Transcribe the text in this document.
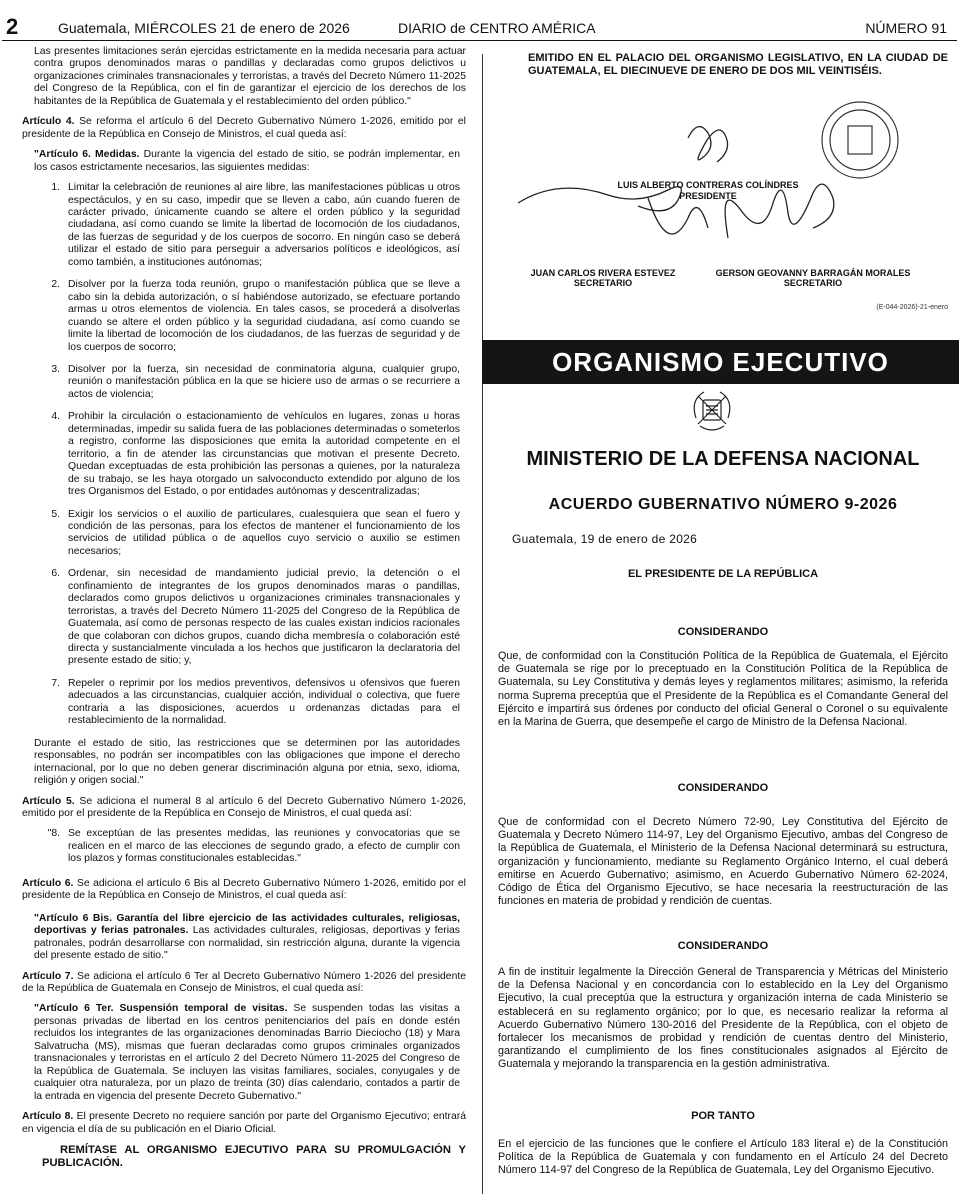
2	Guatemala, MIÉRCOLES 21 de enero de 2026	DIARIO de CENTRO AMÉRICA	NÚMERO 91

Las presentes limitaciones serán ejercidas estrictamente en la medida necesaria para actuar contra grupos denominados maras o pandillas y declaradas como grupos delictivos u organizaciones criminales transnacionales y terroristas, a través del Decreto Número 11-2025 del Congreso de la República, con el fin de garantizar el ejercicio de los derechos de los habitantes de la República de Guatemala y el restablecimiento del orden público."

Artículo 4. Se reforma el artículo 6 del Decreto Gubernativo Número 1-2026, emitido por el presidente de la República en Consejo de Ministros, el cual queda así:

"Artículo 6. Medidas. Durante la vigencia del estado de sitio, se podrán implementar, en los casos estrictamente necesarios, las siguientes medidas:

1. Limitar la celebración de reuniones al aire libre, las manifestaciones públicas u otros espectáculos, y en su caso, impedir que se lleven a cabo, aún cuando fueren de carácter privado, únicamente cuando se altere el orden público y la seguridad ciudadana, así como cuando se limite la libertad de locomoción de los ciudadanos, de las fuerzas de seguridad y de los cuerpos de socorro. En ningún caso se deberá utilizar el estado de sitio para perseguir a adversarios políticos e ideológicos, así como también, a instituciones autónomas;
2. Disolver por la fuerza toda reunión, grupo o manifestación pública que se lleve a cabo sin la debida autorización, o sí habiéndose autorizado, se efectuare portando armas u otros elementos de violencia. En tales casos, se procederá a disolverlas cuando se altere el orden público y la seguridad ciudadana, así como cuando se limite la libertad de locomoción de los ciudadanos, de las fuerzas de seguridad y de los cuerpos de socorro;
3. Disolver por la fuerza, sin necesidad de conminatoria alguna, cualquier grupo, reunión o manifestación pública en la que se hiciere uso de armas o se recurriere a actos de violencia;
4. Prohibir la circulación o estacionamiento de vehículos en lugares, zonas u horas determinadas, impedir su salida fuera de las poblaciones determinadas o someterlos a registro, conforme las disposiciones que emita la autoridad competente en el territorio, a fin de atender las circunstancias que motivan el presente Decreto. Quedan exceptuadas de esta prohibición las personas a quienes, por la naturaleza de su trabajo, se les haya otorgado un salvoconducto extendido por alguno de los tres Organismos del Estado, o por entidades autónomas y descentralizadas;
5. Exigir los servicios o el auxilio de particulares, cualesquiera que sean el fuero y condición de las personas, para los efectos de mantener el funcionamiento de los servicios de utilidad pública o de aquellos cuyo servicio o auxilio se estimen necesarios;
6. Ordenar, sin necesidad de mandamiento judicial previo, la detención o el confinamiento de integrantes de los grupos denominados maras o pandillas, declarados como grupos delictivos u organizaciones criminales transnacionales y terroristas, a través del Decreto Número 11-2025 del Congreso de la República de Guatemala, así como de personas respecto de las cuales existan indicios racionales de que colaboran con dichos grupos, cuando dicha membresía o colaboración esté directa y sustancialmente vinculada a los hechos que justificaron la declaratoria del presente estado de sitio; y,
7. Repeler o reprimir por los medios preventivos, defensivos u ofensivos que fueren adecuados a las circunstancias, cualquier acción, individual o colectiva, que fuere contraria a las disposiciones, acuerdos u ordenanzas dictadas para el restablecimiento de la normalidad.

Durante el estado de sitio, las restricciones que se determinen por las autoridades responsables, no podrán ser incompatibles con las obligaciones que impone el derecho internacional, por lo que no deben generar discriminación alguna por etnia, sexo, idioma, religión y origen social."

Artículo 5. Se adiciona el numeral 8 al artículo 6 del Decreto Gubernativo Número 1-2026, emitido por el presidente de la República en Consejo de Ministros, el cual queda así:

"8. Se exceptúan de las presentes medidas, las reuniones y convocatorias que se realicen en el marco de las elecciones de segundo grado, a efecto de cumplir con los plazos y formas constitucionales establecidas."

Artículo 6. Se adiciona el artículo 6 Bis al Decreto Gubernativo Número 1-2026, emitido por el presidente de la República en Consejo de Ministros, el cual queda así:

"Artículo 6 Bis. Garantía del libre ejercicio de las actividades culturales, religiosas, deportivas y ferias patronales. Las actividades culturales, religiosas, deportivas y ferias patronales, podrán desarrollarse con normalidad, sin restricción alguna, durante la vigencia del presente estado de sitio."

Artículo 7. Se adiciona el artículo 6 Ter al Decreto Gubernativo Número 1-2026 del presidente de la República de Guatemala en Consejo de Ministros, el cual queda así:

"Artículo 6 Ter. Suspensión temporal de visitas. Se suspenden todas las visitas a personas privadas de libertad en los centros penitenciarios del país en donde estén recluidos los integrantes de las organizaciones denominadas Barrio Dieciocho (18) y Mara Salvatrucha (MS), mismas que fueran declaradas como grupos criminales organizados transnacionales y terroristas en el artículo 2 del Decreto Número 11-2025 del Congreso de la República de Guatemala. Se incluyen las visitas familiares, sociales, conyugales y de cualquier otra naturaleza, por un plazo de treinta (30) días calendario, contados a partir de la entrada en vigencia del presente Decreto Gubernativo."

Artículo 8. El presente Decreto no requiere sanción por parte del Organismo Ejecutivo; entrará en vigencia el día de su publicación en el Diario Oficial.

REMÍTASE AL ORGANISMO EJECUTIVO PARA SU PROMULGACIÓN Y PUBLICACIÓN.

EMITIDO EN EL PALACIO DEL ORGANISMO LEGISLATIVO, EN LA CIUDAD DE GUATEMALA, EL DIECINUEVE DE ENERO DE DOS MIL VEINTISÉIS.

LUIS ALBERTO CONTRERAS COLÍNDRES
PRESIDENTE
JUAN CARLOS RIVERA ESTEVEZ
SECRETARIO
GERSON GEOVANNY BARRAGÁN MORALES
SECRETARIO
(E-044-2026)-21-enero
ORGANISMO EJECUTIVO
MINISTERIO DE LA DEFENSA NACIONAL
ACUERDO GUBERNATIVO NÚMERO 9-2026
Guatemala, 19 de enero de 2026
EL PRESIDENTE DE LA REPÚBLICA
CONSIDERANDO

Que, de conformidad con la Constitución Política de la República de Guatemala, el Ejército de Guatemala se rige por lo preceptuado en la Constitución Política de la República de Guatemala, su Ley Constitutiva y demás leyes y reglamentos militares; asimismo, la referida norma Suprema preceptúa que el Presidente de la República es el Comandante General del Ejército e impartirá sus órdenes por conducto del oficial General o Coronel o su equivalente en la Marina de Guerra, que desempeñe el cargo de Ministro de la Defensa Nacional.

CONSIDERANDO

Que de conformidad con el Decreto Número 72-90, Ley Constitutiva del Ejército de Guatemala y Decreto Número 114-97, Ley del Organismo Ejecutivo, ambas del Congreso de la República de Guatemala, el Ministerio de la Defensa Nacional determinará su estructura, organización y funcionamiento, mediante su Reglamento Orgánico Interno, el cual deberá emitirse en Acuerdo Gubernativo; asimismo, en Acuerdo Gubernativo Número 62-2024, Código de Ética del Organismo Ejecutivo, se hace necesaria la reestructuración de las funciones en materia de probidad y rendición de cuentas.

CONSIDERANDO

A fin de instituir legalmente la Dirección General de Transparencia y Métricas del Ministerio de la Defensa Nacional y en concordancia con lo establecido en la Ley del Organismo Ejecutivo, la cual preceptúa que la estructura y organización interna de cada Ministerio se establecerá en su reglamento orgánico; por lo que, es necesario realizar la reforma al Acuerdo Gubernativo Número 130-2016 del Presidente de la República, con el objeto de fortalecer los mecanismos de probidad y rendición de cuentas dentro del Ministerio, garantizando el cumplimiento de los fines constitucionales asignados al Ejército de Guatemala y mejorando la transparencia en la gestión administrativa.

POR TANTO

En el ejercicio de las funciones que le confiere el Artículo 183 literal e) de la Constitución Política de la República de Guatemala y con fundamento en el Artículo 24 del Decreto Número 114-97 del Congreso de la República de Guatemala, Ley del Organismo Ejecutivo.
